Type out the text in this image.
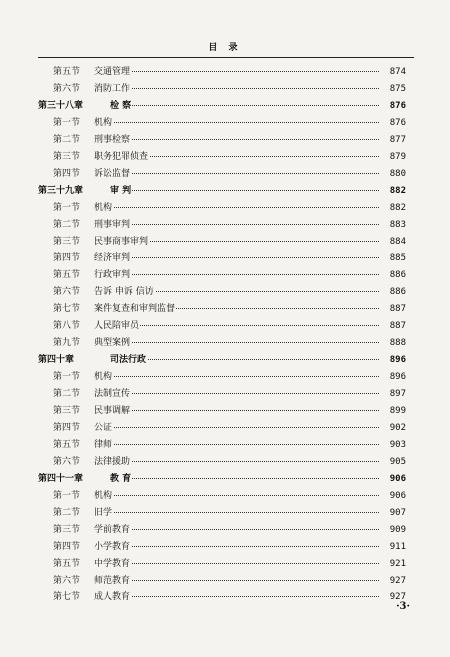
目 录
第五节 交通管理	874
第六节 消防工作	875
第三十八章	检 察	876
第一节 机构	876
第二节 刑事检察	877
第三节 职务犯罪侦查	879
第四节 诉讼监督	880
第三十九章	审 判	882
第一节 机构	882
第二节 刑事审判	883
第三节 民事商事审判	884
第四节 经济审判	885
第五节 行政审判	886
第六节 告诉 申诉 信访	886
第七节 案件复查和审判监督	887
第八节 人民陪审员	887
第九节 典型案例	888
第四十章	司法行政	896
第一节 机构	896
第二节 法制宣传	897
第三节 民事调解	899
第四节 公证	902
第五节 律师	903
第六节 法律援助	905
第四十一章	教 育	906
第一节 机构	906
第二节 旧学	907
第三节 学前教育	909
第四节 小学教育	911
第五节 中学教育	921
第六节 师范教育	927
第七节 成人教育	927
·3·
